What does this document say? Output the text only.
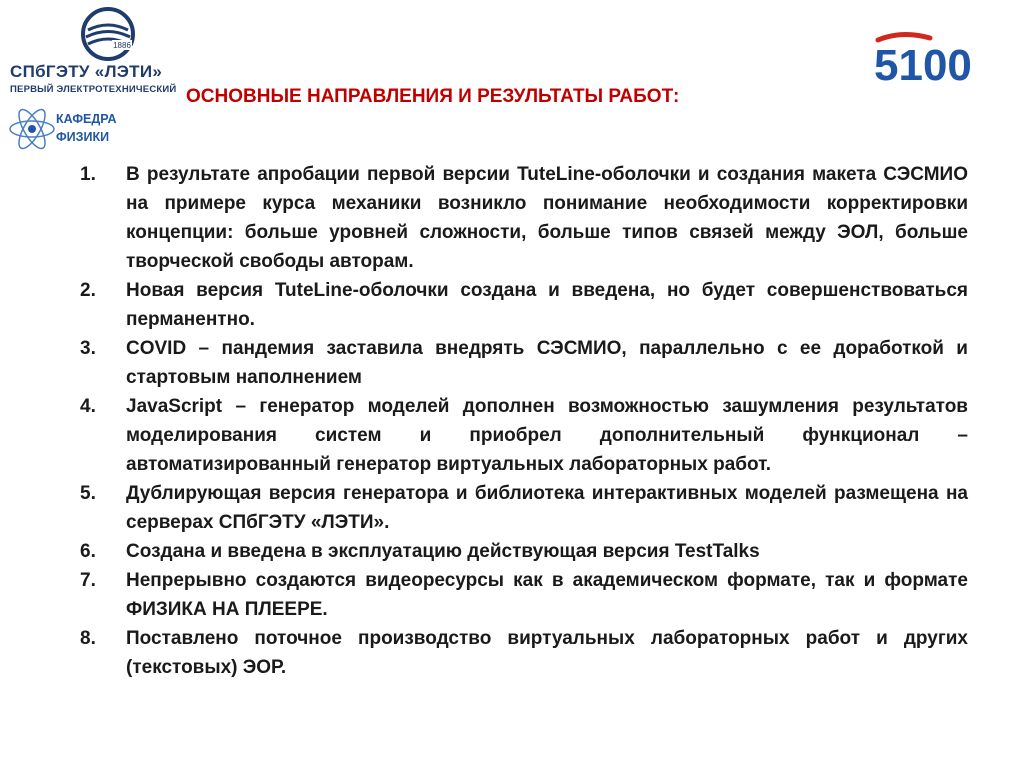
1886
СПбГЭТУ «ЛЭТИ»
ПЕРВЫЙ ЭЛЕКТРОТЕХНИЧЕСКИЙ
КАФЕДРА
ФИЗИКИ
5100
ОСНОВНЫЕ НАПРАВЛЕНИЯ И РЕЗУЛЬТАТЫ РАБОТ:
1.	В результате апробации первой версии TuteLine-оболочки и создания макета СЭСМИО на примере курса механики возникло понимание необходимости корректировки концепции: больше уровней сложности, больше типов связей между ЭОЛ, больше творческой свободы авторам.
2.	Новая версия TuteLine-оболочки создана и введена, но будет совершенствоваться перманентно.
3.	COVID – пандемия заставила внедрять СЭСМИО, параллельно с ее доработкой и стартовым наполнением
4.	JavaScript – генератор моделей дополнен возможностью зашумления результатов моделирования систем и приобрел дополнительный функционал – автоматизированный генератор виртуальных лабораторных работ.
5.	Дублирующая версия генератора и библиотека интерактивных моделей размещена на серверах СПбГЭТУ «ЛЭТИ».
6.	Создана и введена в эксплуатацию действующая версия TestTalks
7.	Непрерывно создаются видеоресурсы как в академическом формате, так и формате ФИЗИКА НА ПЛЕЕРЕ.
8.	Поставлено поточное производство виртуальных лабораторных работ и других (текстовых) ЭОР.
